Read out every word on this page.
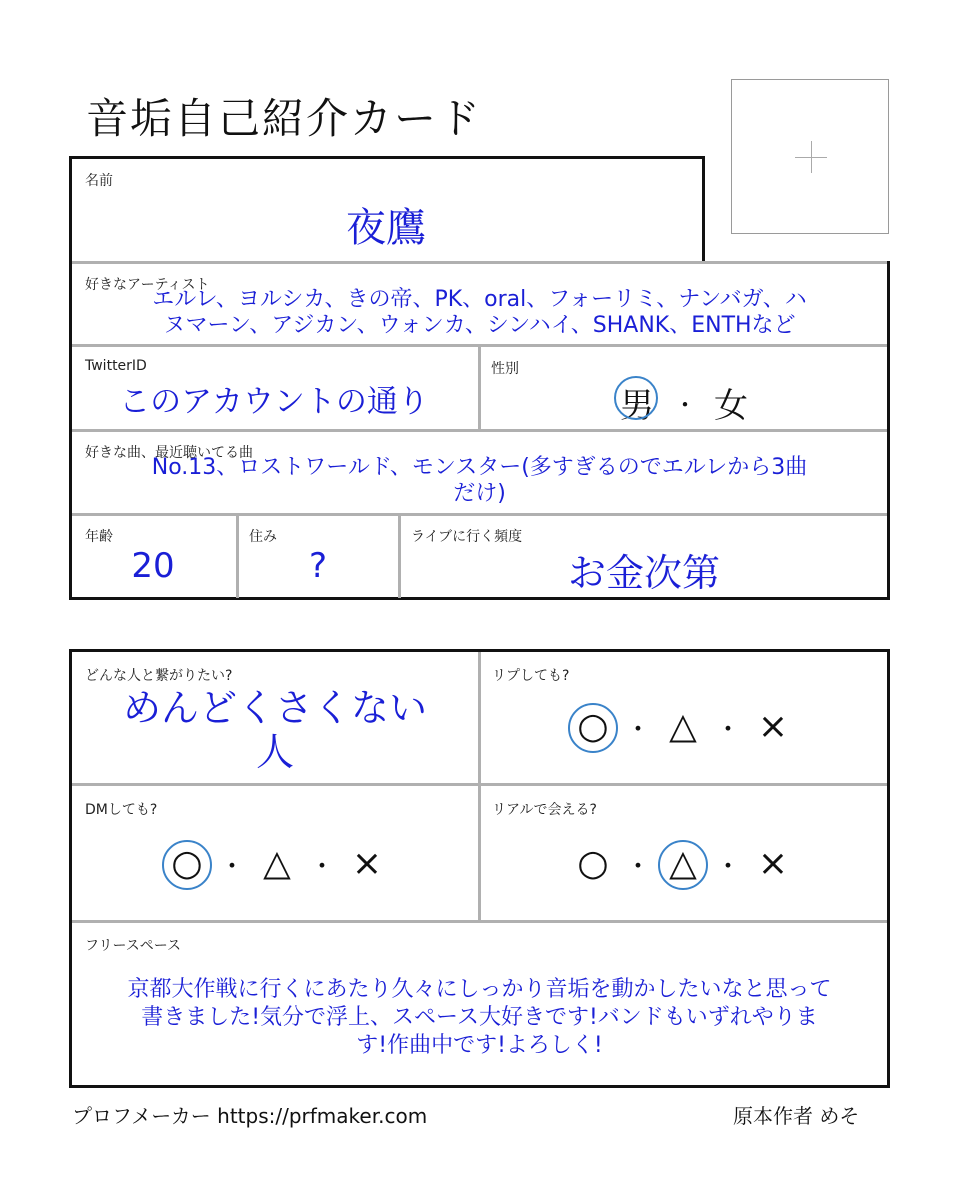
音垢自己紹介カード
名前
夜鷹
好きなアーティスト
エルレ、ヨルシカ、きの帝、PK、oral、フォーリミ、ナンバガ、ハ
ヌマーン、アジカン、ウォンカ、シンハイ、SHANK、ENTHなど
TwitterID
このアカウントの通り
性別
男 ・ 女
好きな曲、最近聴いてる曲
No.13、ロストワールド、モンスター(多すぎるのでエルレから3曲
だけ)
年齢
20
住み
?
ライブに行く頻度
お金次第
どんな人と繋がりたい?
めんどくさくない
人
リプしても?
○ ・ △ ・ ×
DMしても?
○ ・ △ ・ ×
リアルで会える?
○ ・ △ ・ ×
フリースペース
京都大作戦に行くにあたり久々にしっかり音垢を動かしたいなと思って
書きました!気分で浮上、スペース大好きです!バンドもいずれやりま
す!作曲中です!よろしく!
プロフメーカー https://prfmaker.com	原本作者 めそ
